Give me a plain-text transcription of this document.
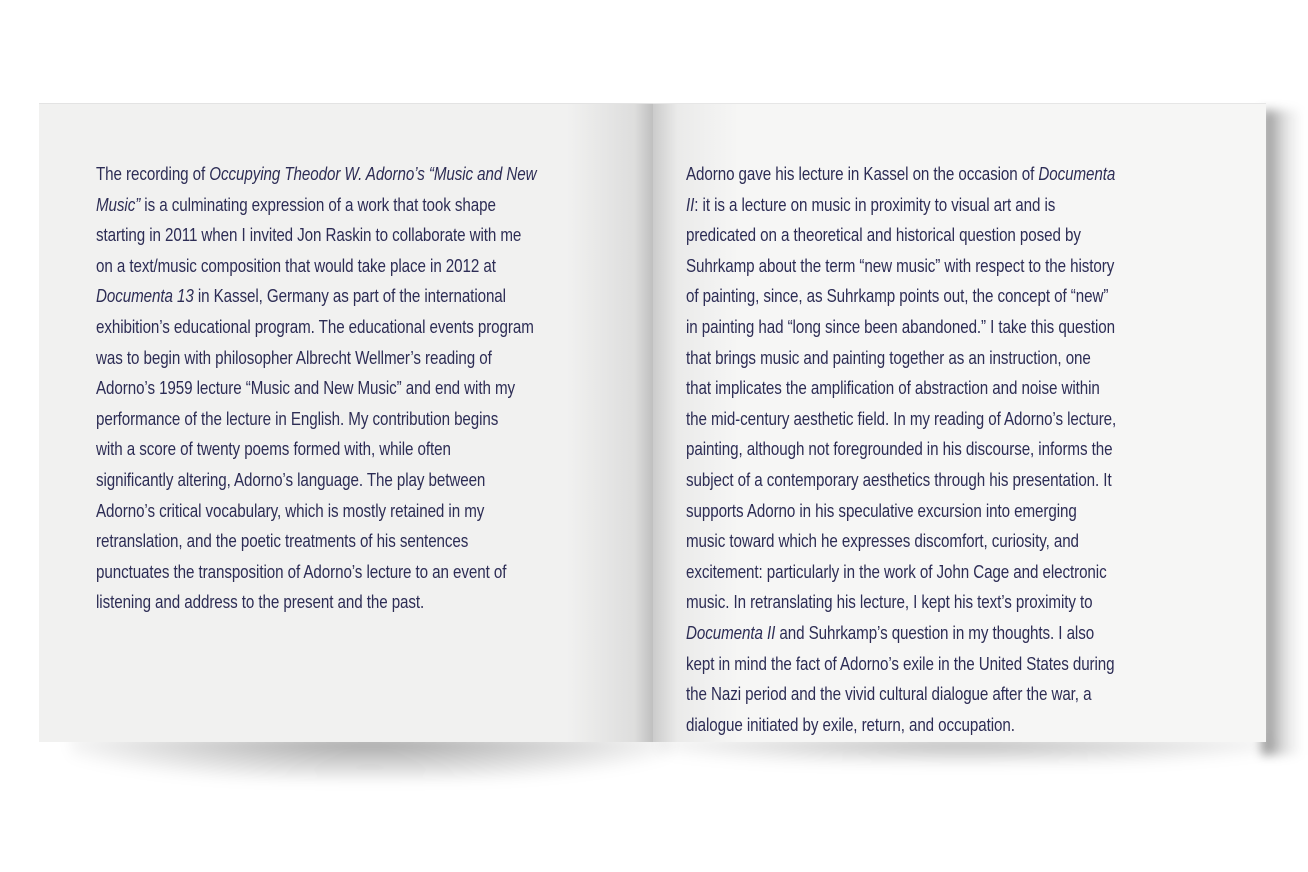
The recording of Occupying Theodor W. Adorno’s “Music and New
Music” is a culminating expression of a work that took shape
starting in 2011 when I invited Jon Raskin to collaborate with me
on a text/music composition that would take place in 2012 at
Documenta 13 in Kassel, Germany as part of the international
exhibition’s educational program. The educational events program
was to begin with philosopher Albrecht Wellmer’s reading of
Adorno’s 1959 lecture “Music and New Music” and end with my
performance of the lecture in English. My contribution begins
with a score of twenty poems formed with, while often
significantly altering, Adorno’s language. The play between
Adorno’s critical vocabulary, which is mostly retained in my
retranslation, and the poetic treatments of his sentences
punctuates the transposition of Adorno’s lecture to an event of
listening and address to the present and the past.
Adorno gave his lecture in Kassel on the occasion of Documenta
II: it is a lecture on music in proximity to visual art and is
predicated on a theoretical and historical question posed by
Suhrkamp about the term “new music” with respect to the history
of painting, since, as Suhrkamp points out, the concept of “new”
in painting had “long since been abandoned.” I take this question
that brings music and painting together as an instruction, one
that implicates the amplification of abstraction and noise within
the mid-century aesthetic field. In my reading of Adorno’s lecture,
painting, although not foregrounded in his discourse, informs the
subject of a contemporary aesthetics through his presentation. It
supports Adorno in his speculative excursion into emerging
music toward which he expresses discomfort, curiosity, and
excitement: particularly in the work of John Cage and electronic
music. In retranslating his lecture, I kept his text’s proximity to
Documenta II and Suhrkamp’s question in my thoughts. I also
kept in mind the fact of Adorno’s exile in the United States during
the Nazi period and the vivid cultural dialogue after the war, a
dialogue initiated by exile, return, and occupation.
